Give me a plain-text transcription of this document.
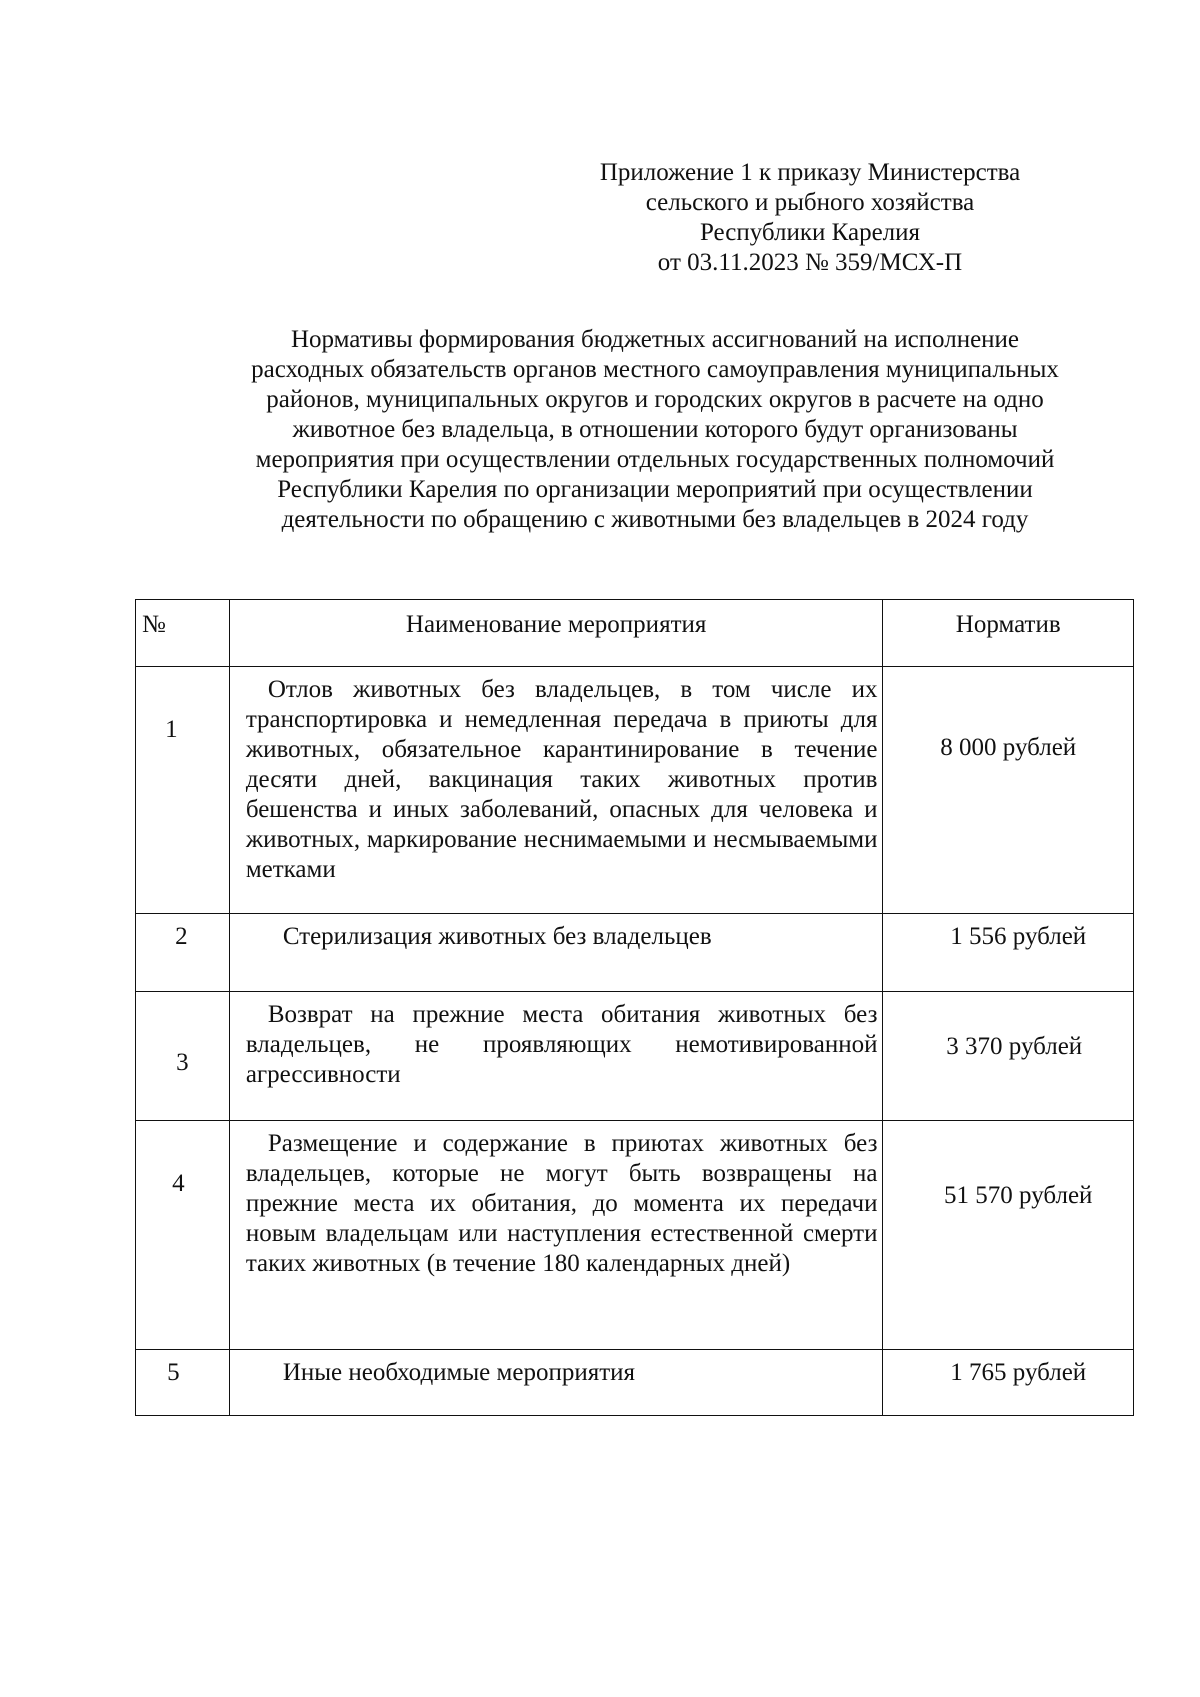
Приложение 1 к приказу Министерства
сельского и рыбного хозяйства
Республики Карелия
от 03.11.2023 № 359/МСХ-П
Нормативы формирования бюджетных ассигнований на исполнение
расходных обязательств органов местного самоуправления муниципальных
районов, муниципальных округов и городских округов в расчете на одно
животное без владельца, в отношении которого будут организованы
мероприятия при осуществлении отдельных государственных полномочий
Республики Карелия по организации мероприятий при осуществлении
деятельности по обращению с животными без владельцев в 2024 году
№	Наименование мероприятия	Норматив

1	Отлов животных без владельцев, в том числе их транспортировка и немедленная передача в приюты для животных, обязательное карантинирование в течение десяти дней, вакцинация таких животных против бешенства и иных заболеваний, опасных для человека и животных, маркирование неснимаемыми и несмываемыми метками	8 000 рублей

2	Стерилизация животных без владельцев	1 556 рублей

3	Возврат на прежние места обитания животных без владельцев, не проявляющих немотивированной агрессивности	3 370 рублей

4	Размещение и содержание в приютах животных без владельцев, которые не могут быть возвращены на прежние места их обитания, до момента их передачи новым владельцам или наступления естественной смерти таких животных (в течение 180 календарных дней)	51 570 рублей

5	Иные необходимые мероприятия	1 765 рублей
